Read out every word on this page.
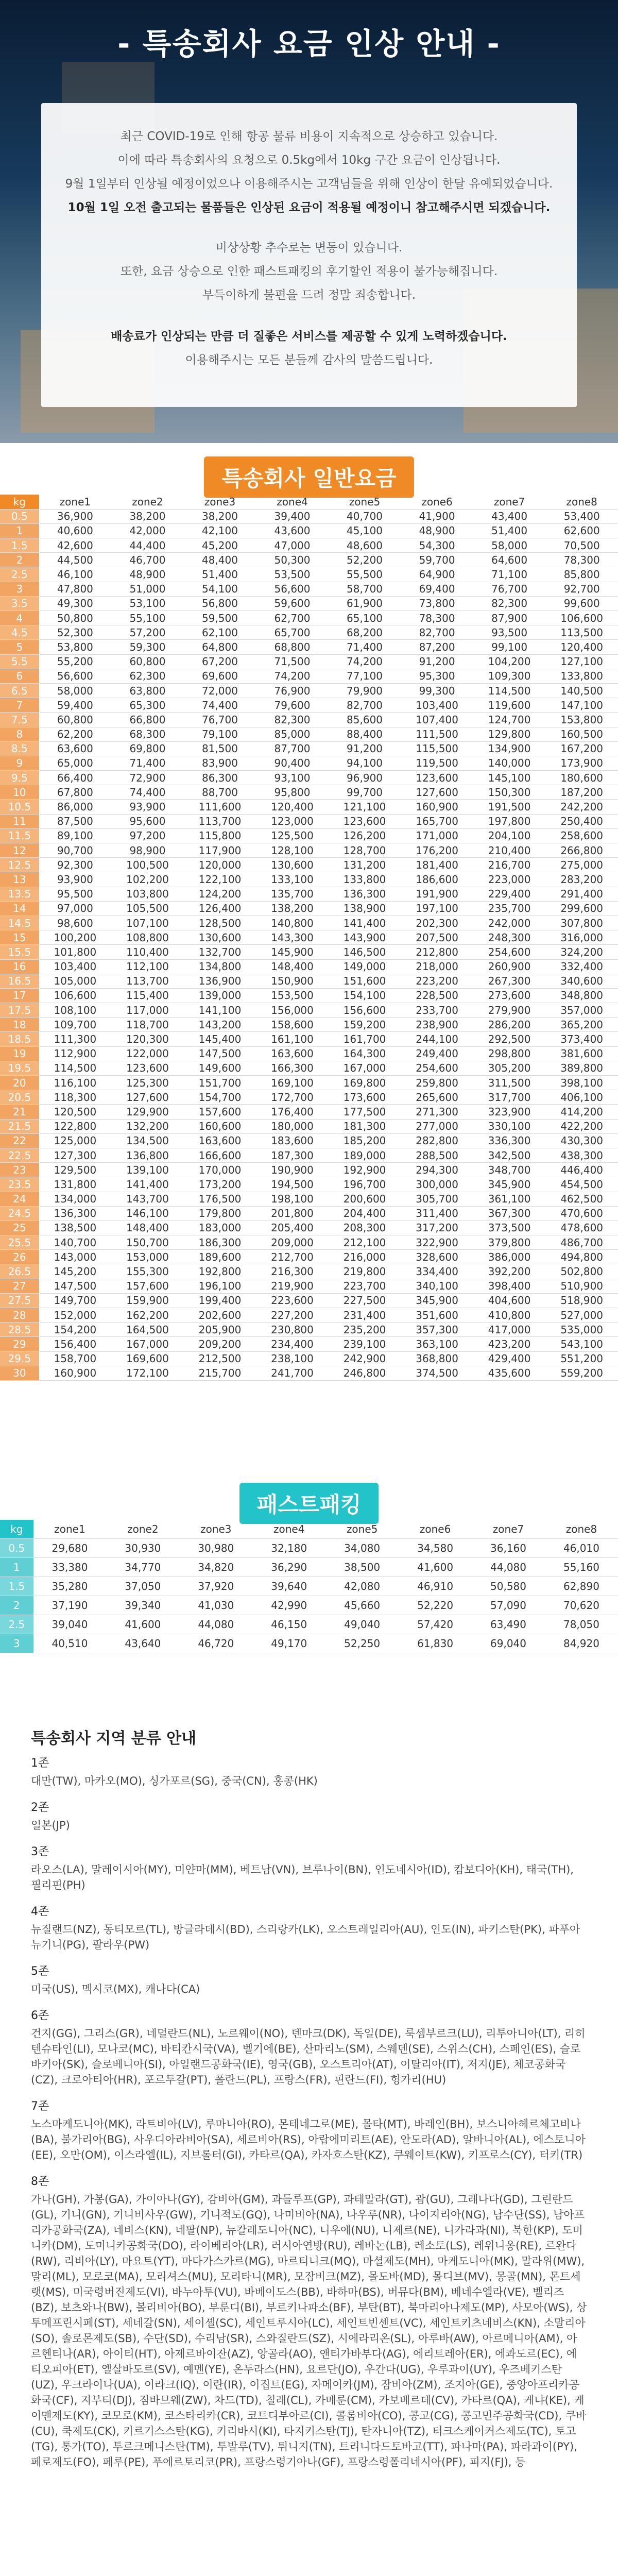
- 특송회사 요금 인상 안내 -
최근 COVID-19로 인해 항공 물류 비용이 지속적으로 상승하고 있습니다.
이에 따라 특송회사의 요청으로 0.5kg에서 10kg 구간 요금이 인상됩니다.
9월 1일부터 인상될 예정이었으나 이용해주시는 고객님들을 위해 인상이 한달 유예되었습니다.
10월 1일 오전 출고되는 물품들은 인상된 요금이 적용될 예정이니 참고해주시면 되겠습니다.
비상상황 추수로는 변동이 있습니다.
또한, 요금 상승으로 인한 패스트패킹의 후기할인 적용이 불가능해집니다.
부득이하게 불편을 드려 정말 죄송합니다.
배송료가 인상되는 만큼 더 질좋은 서비스를 제공할 수 있게 노력하겠습니다.
이용해주시는 모든 분들께 감사의 말씀드립니다.
특송회사 일반요금
kg	zone1	zone2	zone3	zone4	zone5	zone6	zone7	zone8
0.5	36,900	38,200	38,200	39,400	40,700	41,900	43,400	53,400
1	40,600	42,000	42,100	43,600	45,100	48,900	51,400	62,600
1.5	42,600	44,400	45,200	47,000	48,600	54,300	58,000	70,500
2	44,500	46,700	48,400	50,300	52,200	59,700	64,600	78,300
2.5	46,100	48,900	51,400	53,500	55,500	64,900	71,100	85,800
3	47,800	51,000	54,100	56,600	58,700	69,400	76,700	92,700
3.5	49,300	53,100	56,800	59,600	61,900	73,800	82,300	99,600
4	50,800	55,100	59,500	62,700	65,100	78,300	87,900	106,600
4.5	52,300	57,200	62,100	65,700	68,200	82,700	93,500	113,500
5	53,800	59,300	64,800	68,800	71,400	87,200	99,100	120,400
5.5	55,200	60,800	67,200	71,500	74,200	91,200	104,200	127,100
6	56,600	62,300	69,600	74,200	77,100	95,300	109,300	133,800
6.5	58,000	63,800	72,000	76,900	79,900	99,300	114,500	140,500
7	59,400	65,300	74,400	79,600	82,700	103,400	119,600	147,100
7.5	60,800	66,800	76,700	82,300	85,600	107,400	124,700	153,800
8	62,200	68,300	79,100	85,000	88,400	111,500	129,800	160,500
8.5	63,600	69,800	81,500	87,700	91,200	115,500	134,900	167,200
9	65,000	71,400	83,900	90,400	94,100	119,500	140,000	173,900
9.5	66,400	72,900	86,300	93,100	96,900	123,600	145,100	180,600
10	67,800	74,400	88,700	95,800	99,700	127,600	150,300	187,200
10.5	86,000	93,900	111,600	120,400	121,100	160,900	191,500	242,200
11	87,500	95,600	113,700	123,000	123,600	165,700	197,800	250,400
11.5	89,100	97,200	115,800	125,500	126,200	171,000	204,100	258,600
12	90,700	98,900	117,900	128,100	128,700	176,200	210,400	266,800
12.5	92,300	100,500	120,000	130,600	131,200	181,400	216,700	275,000
13	93,900	102,200	122,100	133,100	133,800	186,600	223,000	283,200
13.5	95,500	103,800	124,200	135,700	136,300	191,900	229,400	291,400
14	97,000	105,500	126,400	138,200	138,900	197,100	235,700	299,600
14.5	98,600	107,100	128,500	140,800	141,400	202,300	242,000	307,800
15	100,200	108,800	130,600	143,300	143,900	207,500	248,300	316,000
15.5	101,800	110,400	132,700	145,900	146,500	212,800	254,600	324,200
16	103,400	112,100	134,800	148,400	149,000	218,000	260,900	332,400
16.5	105,000	113,700	136,900	150,900	151,600	223,200	267,300	340,600
17	106,600	115,400	139,000	153,500	154,100	228,500	273,600	348,800
17.5	108,100	117,000	141,100	156,000	156,600	233,700	279,900	357,000
18	109,700	118,700	143,200	158,600	159,200	238,900	286,200	365,200
18.5	111,300	120,300	145,400	161,100	161,700	244,100	292,500	373,400
19	112,900	122,000	147,500	163,600	164,300	249,400	298,800	381,600
19.5	114,500	123,600	149,600	166,300	167,000	254,600	305,200	389,800
20	116,100	125,300	151,700	169,100	169,800	259,800	311,500	398,100
20.5	118,300	127,600	154,700	172,700	173,600	265,600	317,700	406,100
21	120,500	129,900	157,600	176,400	177,500	271,300	323,900	414,200
21.5	122,800	132,200	160,600	180,000	181,300	277,000	330,100	422,200
22	125,000	134,500	163,600	183,600	185,200	282,800	336,300	430,300
22.5	127,300	136,800	166,600	187,300	189,000	288,500	342,500	438,300
23	129,500	139,100	170,000	190,900	192,900	294,300	348,700	446,400
23.5	131,800	141,400	173,200	194,500	196,700	300,000	345,900	454,500
24	134,000	143,700	176,500	198,100	200,600	305,700	361,100	462,500
24.5	136,300	146,100	179,800	201,800	204,400	311,400	367,300	470,600
25	138,500	148,400	183,000	205,400	208,300	317,200	373,500	478,600
25.5	140,700	150,700	186,300	209,000	212,100	322,900	379,800	486,700
26	143,000	153,000	189,600	212,700	216,000	328,600	386,000	494,800
26.5	145,200	155,300	192,800	216,300	219,800	334,400	392,200	502,800
27	147,500	157,600	196,100	219,900	223,700	340,100	398,400	510,900
27.5	149,700	159,900	199,400	223,600	227,500	345,900	404,600	518,900
28	152,000	162,200	202,600	227,200	231,400	351,600	410,800	527,000
28.5	154,200	164,500	205,900	230,800	235,200	357,300	417,000	535,000
29	156,400	167,000	209,200	234,400	239,100	363,100	423,200	543,100
29.5	158,700	169,600	212,500	238,100	242,900	368,800	429,400	551,200
30	160,900	172,100	215,700	241,700	246,800	374,500	435,600	559,200
패스트패킹
kg	zone1	zone2	zone3	zone4	zone5	zone6	zone7	zone8
0.5	29,680	30,930	30,980	32,180	34,080	34,580	36,160	46,010
1	33,380	34,770	34,820	36,290	38,500	41,600	44,080	55,160
1.5	35,280	37,050	37,920	39,640	42,080	46,910	50,580	62,890
2	37,190	39,340	41,030	42,990	45,660	52,220	57,090	70,620
2.5	39,040	41,600	44,080	46,150	49,040	57,420	63,490	78,050
3	40,510	43,640	46,720	49,170	52,250	61,830	69,040	84,920
특송회사 지역 분류 안내
1존
대만(TW), 마카오(MO), 싱가포르(SG), 중국(CN), 홍콩(HK)
2존
일본(JP)
3존
라오스(LA), 말레이시아(MY), 미얀마(MM), 베트남(VN), 브루나이(BN), 인도네시아(ID), 캄보디아(KH), 태국(TH), 필리핀(PH)
4존
뉴질랜드(NZ), 동티모르(TL), 방글라데시(BD), 스리랑카(LK), 오스트레일리아(AU), 인도(IN), 파키스탄(PK), 파푸아뉴기니(PG), 팔라우(PW)
5존
미국(US), 멕시코(MX), 캐나다(CA)
6존
건지(GG), 그리스(GR), 네덜란드(NL), 노르웨이(NO), 덴마크(DK), 독일(DE), 룩셈부르크(LU), 리투아니아(LT), 리히텐슈타인(LI), 모나코(MC), 바티칸시국(VA), 벨기에(BE), 산마리노(SM), 스웨덴(SE), 스위스(CH), 스페인(ES), 슬로바키아(SK), 슬로베니아(SI), 아일랜드공화국(IE), 영국(GB), 오스트리아(AT), 이탈리아(IT), 저지(JE), 체코공화국(CZ), 크로아티아(HR), 포르투갈(PT), 폴란드(PL), 프랑스(FR), 핀란드(FI), 헝가리(HU)
7존
노스마케도니아(MK), 라트비아(LV), 루마니아(RO), 몬테네그로(ME), 몰타(MT), 바레인(BH), 보스니아헤르체고비나(BA), 불가리아(BG), 사우디아라비아(SA), 세르비아(RS), 아랍에미리트(AE), 안도라(AD), 알바니아(AL), 에스토니아(EE), 오만(OM), 이스라엘(IL), 지브롤터(GI), 카타르(QA), 카자흐스탄(KZ), 쿠웨이트(KW), 키프로스(CY), 터키(TR)
8존
가나(GH), 가봉(GA), 가이아나(GY), 감비아(GM), 과들루프(GP), 과테말라(GT), 괌(GU), 그레나다(GD), 그린란드(GL), 기니(GN), 기니비사우(GW), 기니적도(GQ), 나미비아(NA), 나우루(NR), 나이지리아(NG), 남수단(SS), 남아프리카공화국(ZA), 네비스(KN), 네팔(NP), 뉴칼레도니아(NC), 니우에(NU), 니제르(NE), 니카라과(NI), 북한(KP), 도미니카(DM), 도미니카공화국(DO), 라이베리아(LR), 러시아연방(RU), 레바논(LB), 레소토(LS), 레위니옹(RE), 르완다(RW), 리비아(LY), 마요트(YT), 마다가스카르(MG), 마르티니크(MQ), 마셜제도(MH), 마케도니아(MK), 말라위(MW), 말리(ML), 모로코(MA), 모리셔스(MU), 모리타니(MR), 모잠비크(MZ), 몰도바(MD), 몰디브(MV), 몽골(MN), 몬트세랫(MS), 미국령버진제도(VI), 바누아투(VU), 바베이도스(BB), 바하마(BS), 버뮤다(BM), 베네수엘라(VE), 벨리즈(BZ), 보츠와나(BW), 볼리비아(BO), 부룬디(BI), 부르키나파소(BF), 부탄(BT), 북마리아나제도(MP), 사모아(WS), 상투메프린시페(ST), 세네갈(SN), 세이셸(SC), 세인트루시아(LC), 세인트빈센트(VC), 세인트키츠네비스(KN), 소말리아(SO), 솔로몬제도(SB), 수단(SD), 수리남(SR), 스와질란드(SZ), 시에라리온(SL), 아루바(AW), 아르메니아(AM), 아르헨티나(AR), 아이티(HT), 아제르바이잔(AZ), 앙골라(AO), 앤티가바부다(AG), 에리트레아(ER), 에콰도르(EC), 에티오피아(ET), 엘살바도르(SV), 예멘(YE), 온두라스(HN), 요르단(JO), 우간다(UG), 우루과이(UY), 우즈베키스탄(UZ), 우크라이나(UA), 이라크(IQ), 이란(IR), 이집트(EG), 자메이카(JM), 잠비아(ZM), 조지아(GE), 중앙아프리카공화국(CF), 지부티(DJ), 짐바브웨(ZW), 차드(TD), 칠레(CL), 카메룬(CM), 카보베르데(CV), 카타르(QA), 케냐(KE), 케이맨제도(KY), 코모로(KM), 코스타리카(CR), 코트디부아르(CI), 콜롬비아(CO), 콩고(CG), 콩고민주공화국(CD), 쿠바(CU), 쿡제도(CK), 키르기스스탄(KG), 키리바시(KI), 타지키스탄(TJ), 탄자니아(TZ), 터크스케이커스제도(TC), 토고(TG), 통가(TO), 투르크메니스탄(TM), 투발루(TV), 튀니지(TN), 트리니다드토바고(TT), 파나마(PA), 파라과이(PY), 페로제도(FO), 페루(PE), 푸에르토리코(PR), 프랑스령기아나(GF), 프랑스령폴리네시아(PF), 피지(FJ), 등
